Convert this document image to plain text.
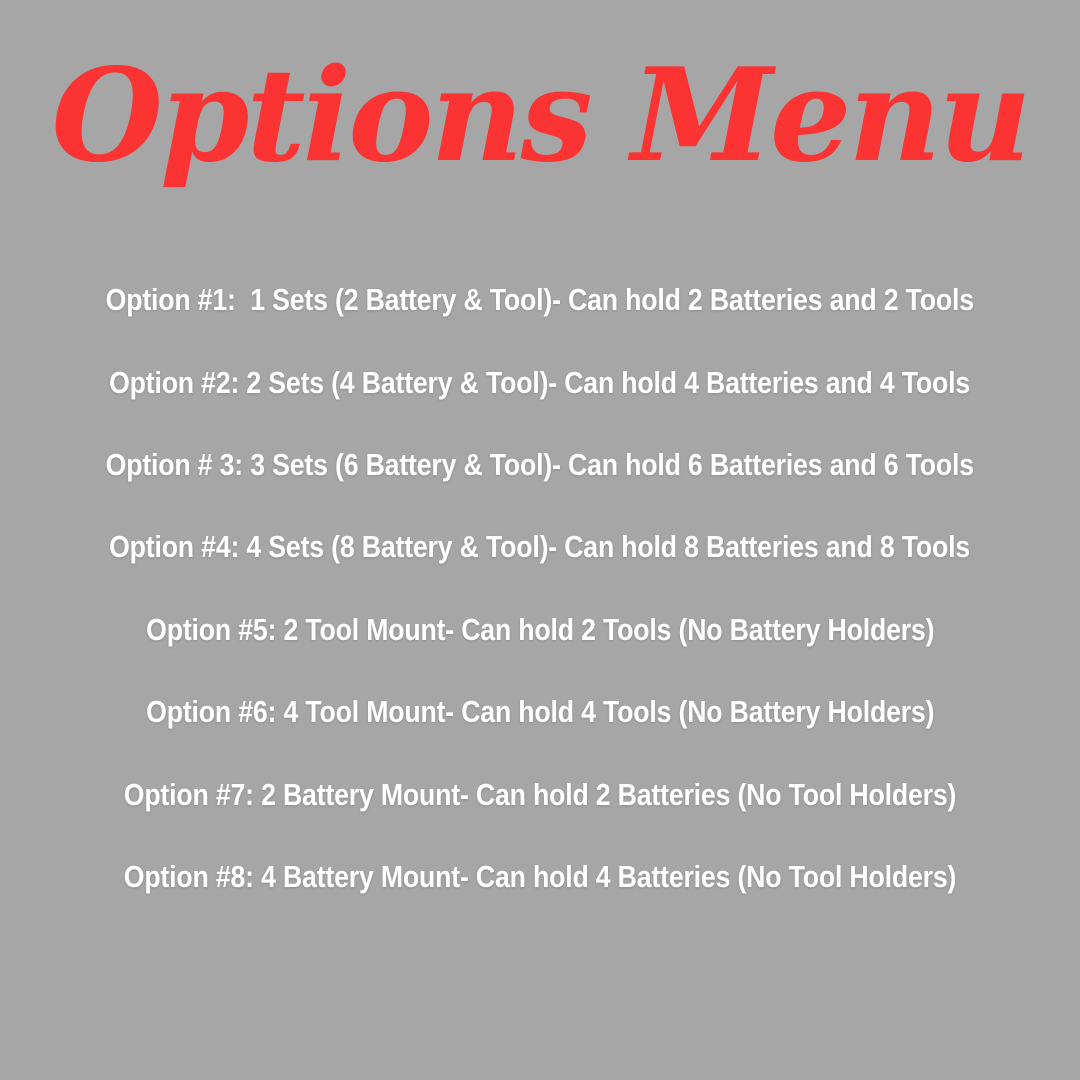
Options Menu
Option #1:  1 Sets (2 Battery & Tool)- Can hold 2 Batteries and 2 Tools
Option #2: 2 Sets (4 Battery & Tool)- Can hold 4 Batteries and 4 Tools
Option # 3: 3 Sets (6 Battery & Tool)- Can hold 6 Batteries and 6 Tools
Option #4: 4 Sets (8 Battery & Tool)- Can hold 8 Batteries and 8 Tools
Option #5: 2 Tool Mount- Can hold 2 Tools (No Battery Holders)
Option #6: 4 Tool Mount- Can hold 4 Tools (No Battery Holders)
Option #7: 2 Battery Mount- Can hold 2 Batteries (No Tool Holders)
Option #8: 4 Battery Mount- Can hold 4 Batteries (No Tool Holders)
